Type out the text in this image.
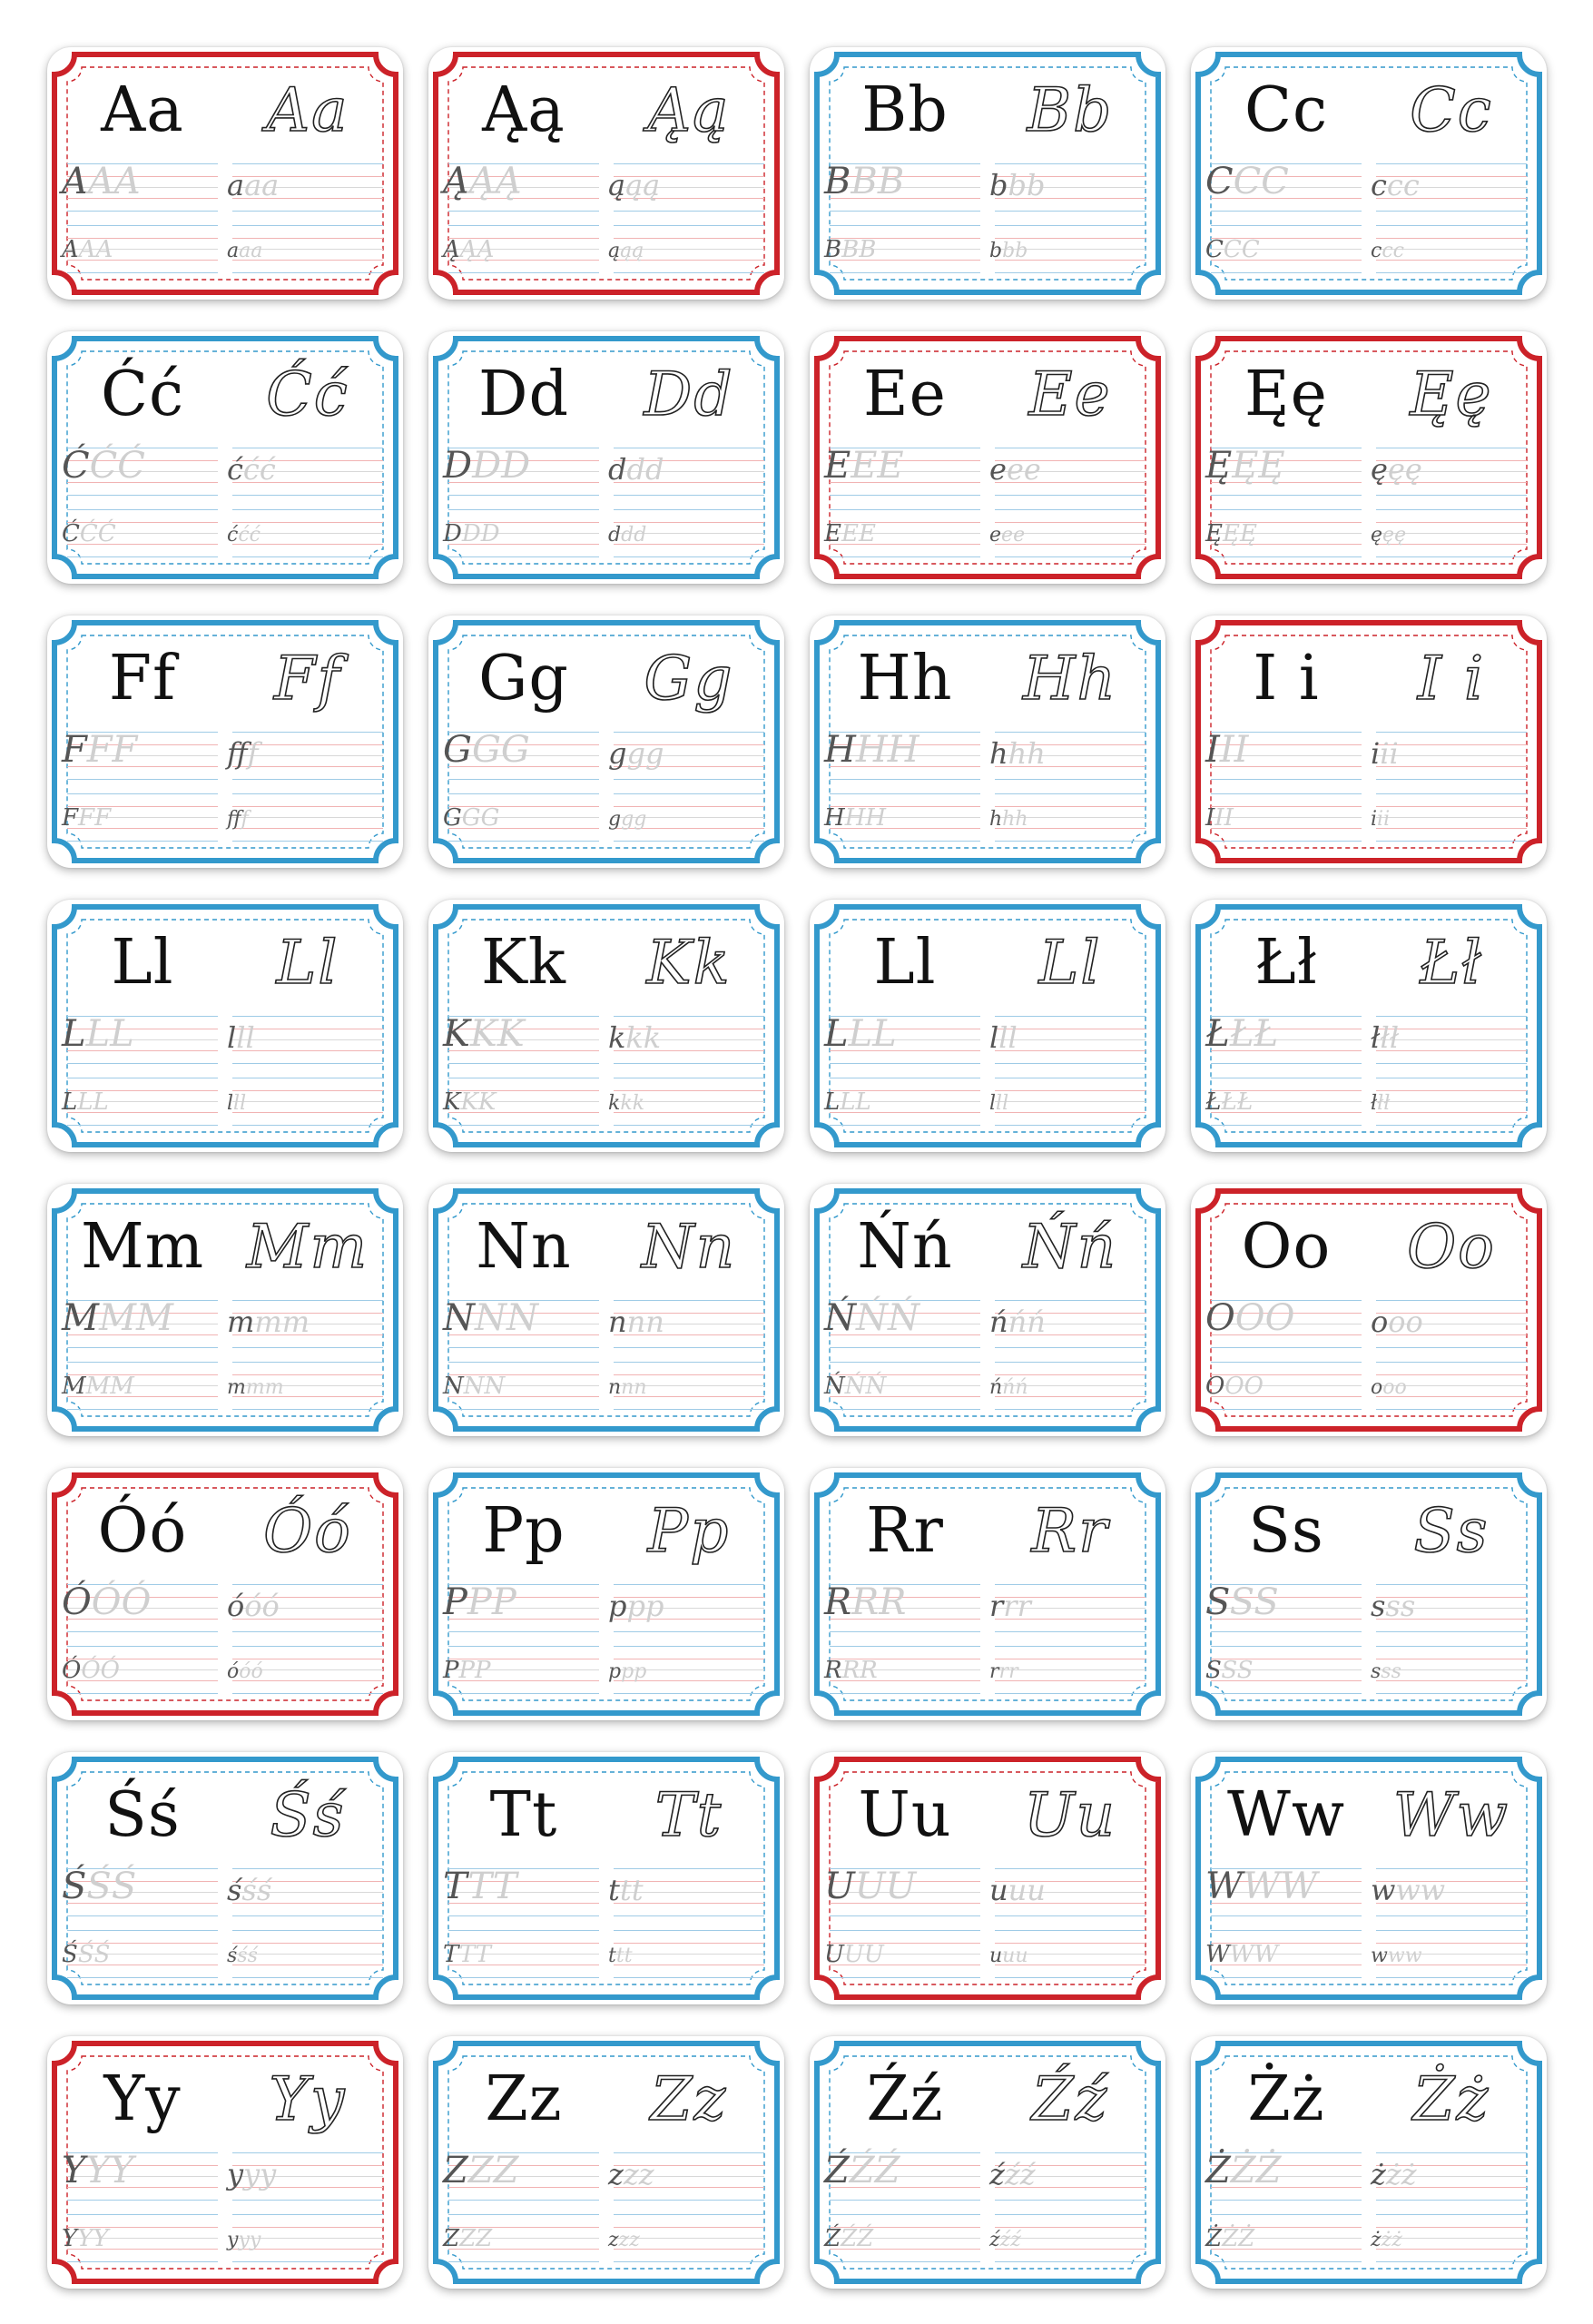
Aa
AAA
AAA
Aa
aaa
aaa
Ąą
ĄĄĄ
ĄĄĄ
Ąą
ąąą
ąąą
Bb
BBB
BBB
Bb
bbb
bbb
Cc
CCC
CCC
Cc
ccc
ccc
Ćć
ĆĆĆ
ĆĆĆ
Ćć
ććć
ććć
Dd
DDD
DDD
Dd
ddd
ddd
Ee
EEE
EEE
Ee
eee
eee
Ęę
ĘĘĘ
ĘĘĘ
Ęę
ęęę
ęęę
Ff
FFF
FFF
Ff
ff
ff
Gg
GGG
GGG
Gg
ggg
ggg
Hh
HHH
HHH
Hh
hhh
hhh
I i
III
III
I i
iii
iii
Ll
LLL
LLL
Ll
lll
lll
Kk
KKK
KKK
Kk
kkk
kkk
Ll
LLL
LLL
Ll
lll
lll
Łł
ŁŁŁ
ŁŁŁ
Łł
łłł
łłł
Mm
MMM
MMM
Mm
mmm
mmm
Nn
NNN
NNN
Nn
nnn
nnn
Ńń
ŃŃŃ
ŃŃŃ
Ńń
ńńń
ńńń
Oo
OOO
OOO
Oo
ooo
ooo
Óó
ÓÓÓ
ÓÓÓ
Óó
óóó
óóó
Pp
PPP
PPP
Pp
ppp
ppp
Rr
RRR
RRR
Rr
rrr
rrr
Ss
SSS
SSS
Ss
sss
sss
Śś
ŚŚŚ
ŚŚŚ
Śś
śśś
śśś
Tt
TTT
TTT
Tt
ttt
ttt
Uu
UUU
UUU
Uu
uuu
uuu
Ww
WWW
WWW
Ww
www
www
Yy
YYY
YYY
Yy
yyy
yyy
Zz
ZZZ
ZZZ
Zz
zzz
zzz
Źź
ŹŹŹ
ŹŹŹ
Źź
źźź
źźź
Żż
ŻŻŻ
ŻŻŻ
Żż
żżż
żżż
